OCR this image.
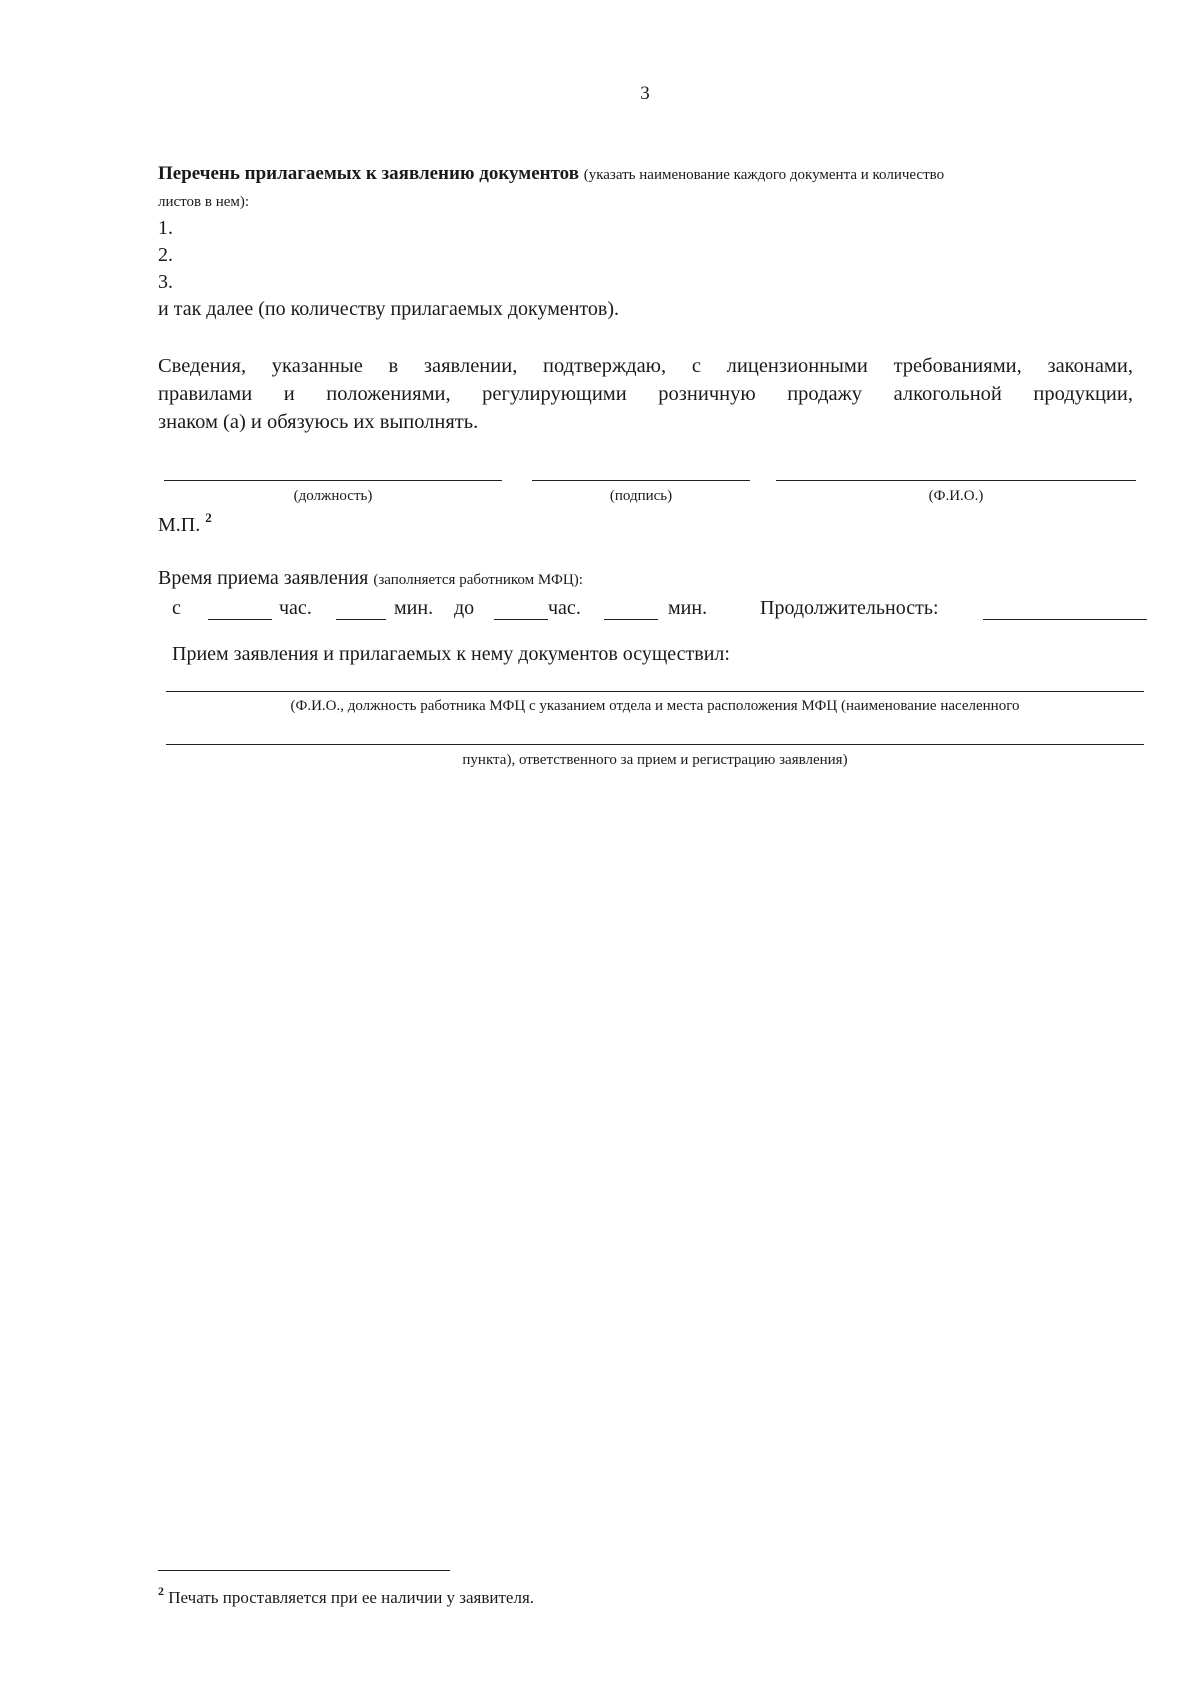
3
Перечень прилагаемых к заявлению документов (указать наименование каждого документа и количество
листов в нем):
1.
2.
3.
и так далее (по количеству прилагаемых документов).
Сведения, указанные в заявлении, подтверждаю, с лицензионными требованиями, законами,
правилами и положениями, регулирующими розничную продажу алкогольной продукции,
знаком (а) и обязуюсь их выполнять.
(должность)	(подпись)	(Ф.И.О.)
М.П. $^2$
Время приема заявления (заполняется работником МФЦ):
с	час.	мин. до	час.	мин.	Продолжительность:
Прием заявления и прилагаемых к нему документов осуществил:
(Ф.И.О., должность работника МФЦ с указанием отдела и места расположения МФЦ (наименование населенного
пункта), ответственного за прием и регистрацию заявления)
$^2$ Печать проставляется при ее наличии у заявителя.
